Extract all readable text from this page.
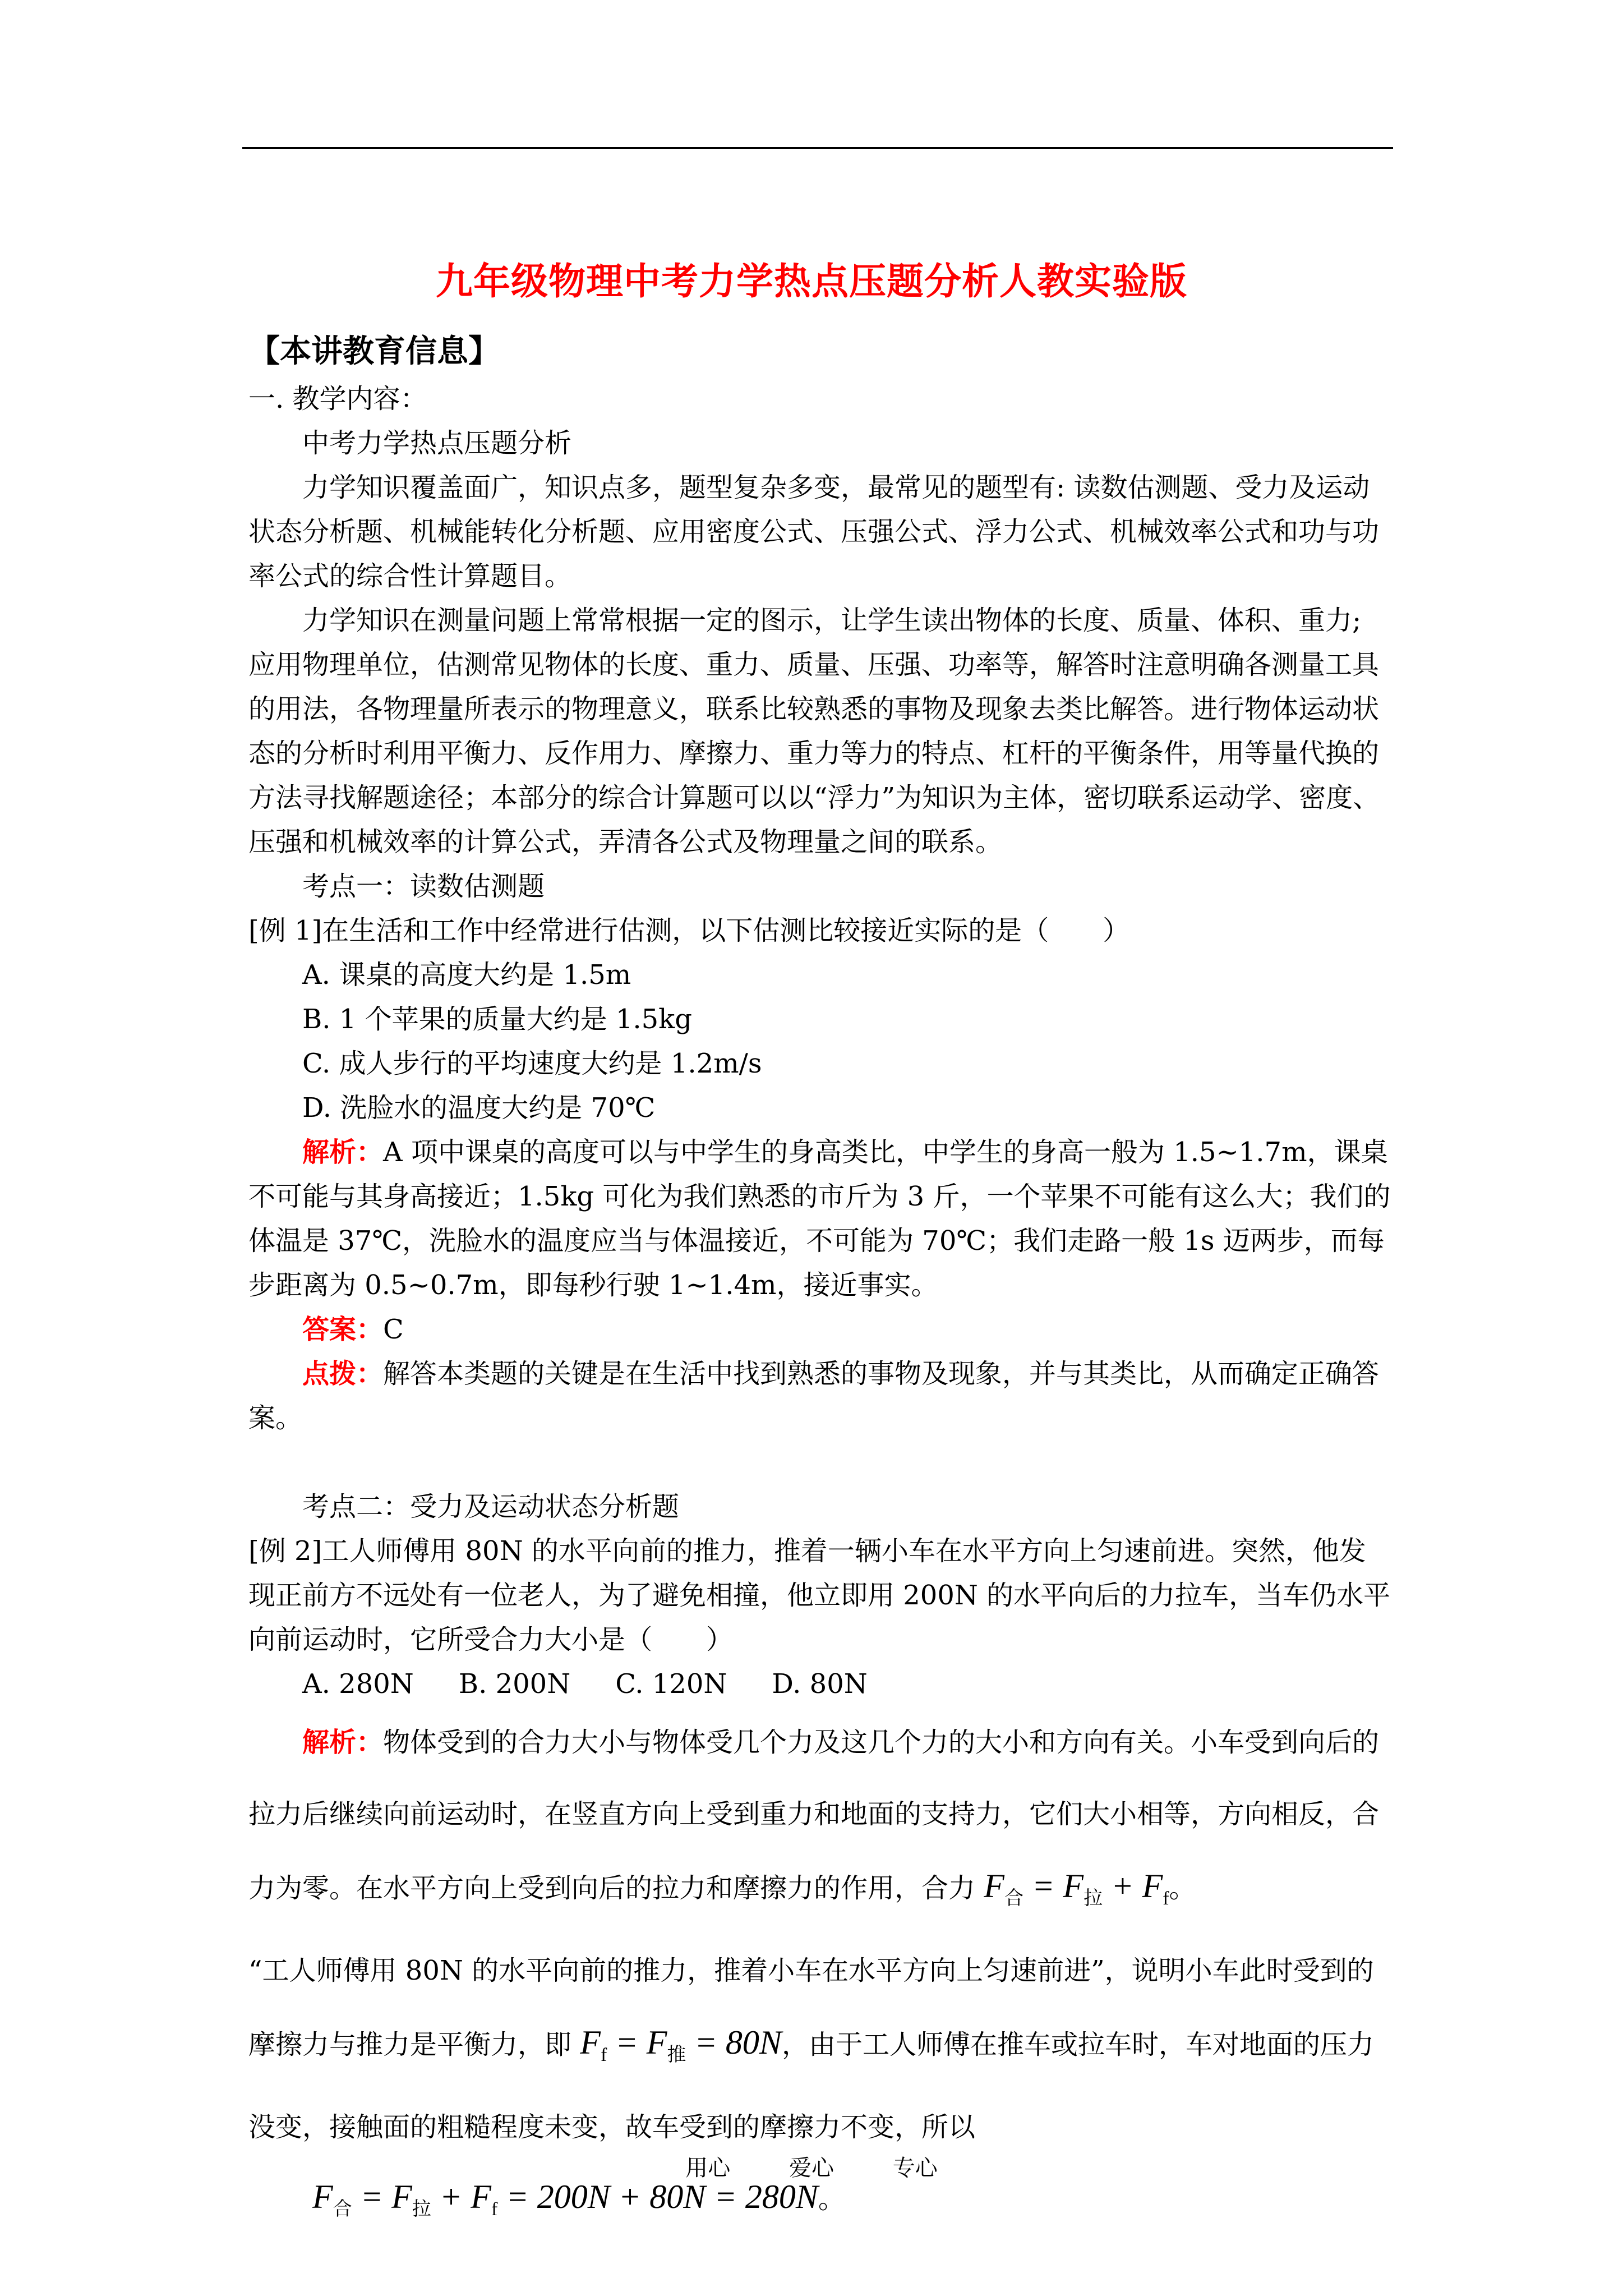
九年级物理中考力学热点压题分析人教实验版

【本讲教育信息】

一. 教学内容：

中考力学热点压题分析

力学知识覆盖面广，知识点多，题型复杂多变，最常见的题型有: 读数估测题、受力及运动状态分析题、机械能转化分析题、应用密度公式、压强公式、浮力公式、机械效率公式和功与功率公式的综合性计算题目。

力学知识在测量问题上常常根据一定的图示，让学生读出物体的长度、质量、体积、重力; 应用物理单位，估测常见物体的长度、重力、质量、压强、功率等，解答时注意明确各测量工具的用法，各物理量所表示的物理意义，联系比较熟悉的事物及现象去类比解答。进行物体运动状态的分析时利用平衡力、反作用力、摩擦力、重力等力的特点、杠杆的平衡条件，用等量代换的方法寻找解题途径；本部分的综合计算题可以以“浮力”为知识为主体，密切联系运动学、密度、压强和机械效率的计算公式，弄清各公式及物理量之间的联系。

考点一：读数估测题

[例 1]在生活和工作中经常进行估测，以下估测比较接近实际的是（　　）

A. 课桌的高度大约是 1.5m

B. 1 个苹果的质量大约是 1.5kg

C. 成人步行的平均速度大约是 1.2m/s

D. 洗脸水的温度大约是 70℃

解析：A 项中课桌的高度可以与中学生的身高类比，中学生的身高一般为 1.5~1.7m，课桌不可能与其身高接近；1.5kg 可化为我们熟悉的市斤为 3 斤，一个苹果不可能有这么大；我们的体温是 37℃，洗脸水的温度应当与体温接近，不可能为 70℃；我们走路一般 1s 迈两步，而每步距离为 0.5~0.7m，即每秒行驶 1~1.4m，接近事实。

答案：C

点拨：解答本类题的关键是在生活中找到熟悉的事物及现象，并与其类比，从而确定正确答案。

考点二：受力及运动状态分析题

[例 2]工人师傅用 80N 的水平向前的推力，推着一辆小车在水平方向上匀速前进。突然，他发现正前方不远处有一位老人，为了避免相撞，他立即用 200N 的水平向后的力拉车，当车仍水平向前运动时，它所受合力大小是（　　）

A. 280N B. 200N C. 120N D. 80N

解析：物体受到的合力大小与物体受几个力及这几个力的大小和方向有关。小车受到向后的拉力后继续向前运动时，在竖直方向上受到重力和地面的支持力，它们大小相等，方向相反，合力为零。在水平方向上受到向后的拉力和摩擦力的作用，合力 $F_合 = F_拉 + F_f$。

“工人师傅用 80N 的水平向前的推力，推着小车在水平方向上匀速前进”，说明小车此时受到的摩擦力与推力是平衡力，即 $F_f = F_推 = 80N$，由于工人师傅在推车或拉车时，车对地面的压力没变，接触面的粗糙程度未变，故车受到的摩擦力不变，所以

$F_合 = F_拉 + F_f = 200N + 80N = 280N$。

用心	爱心	专心
